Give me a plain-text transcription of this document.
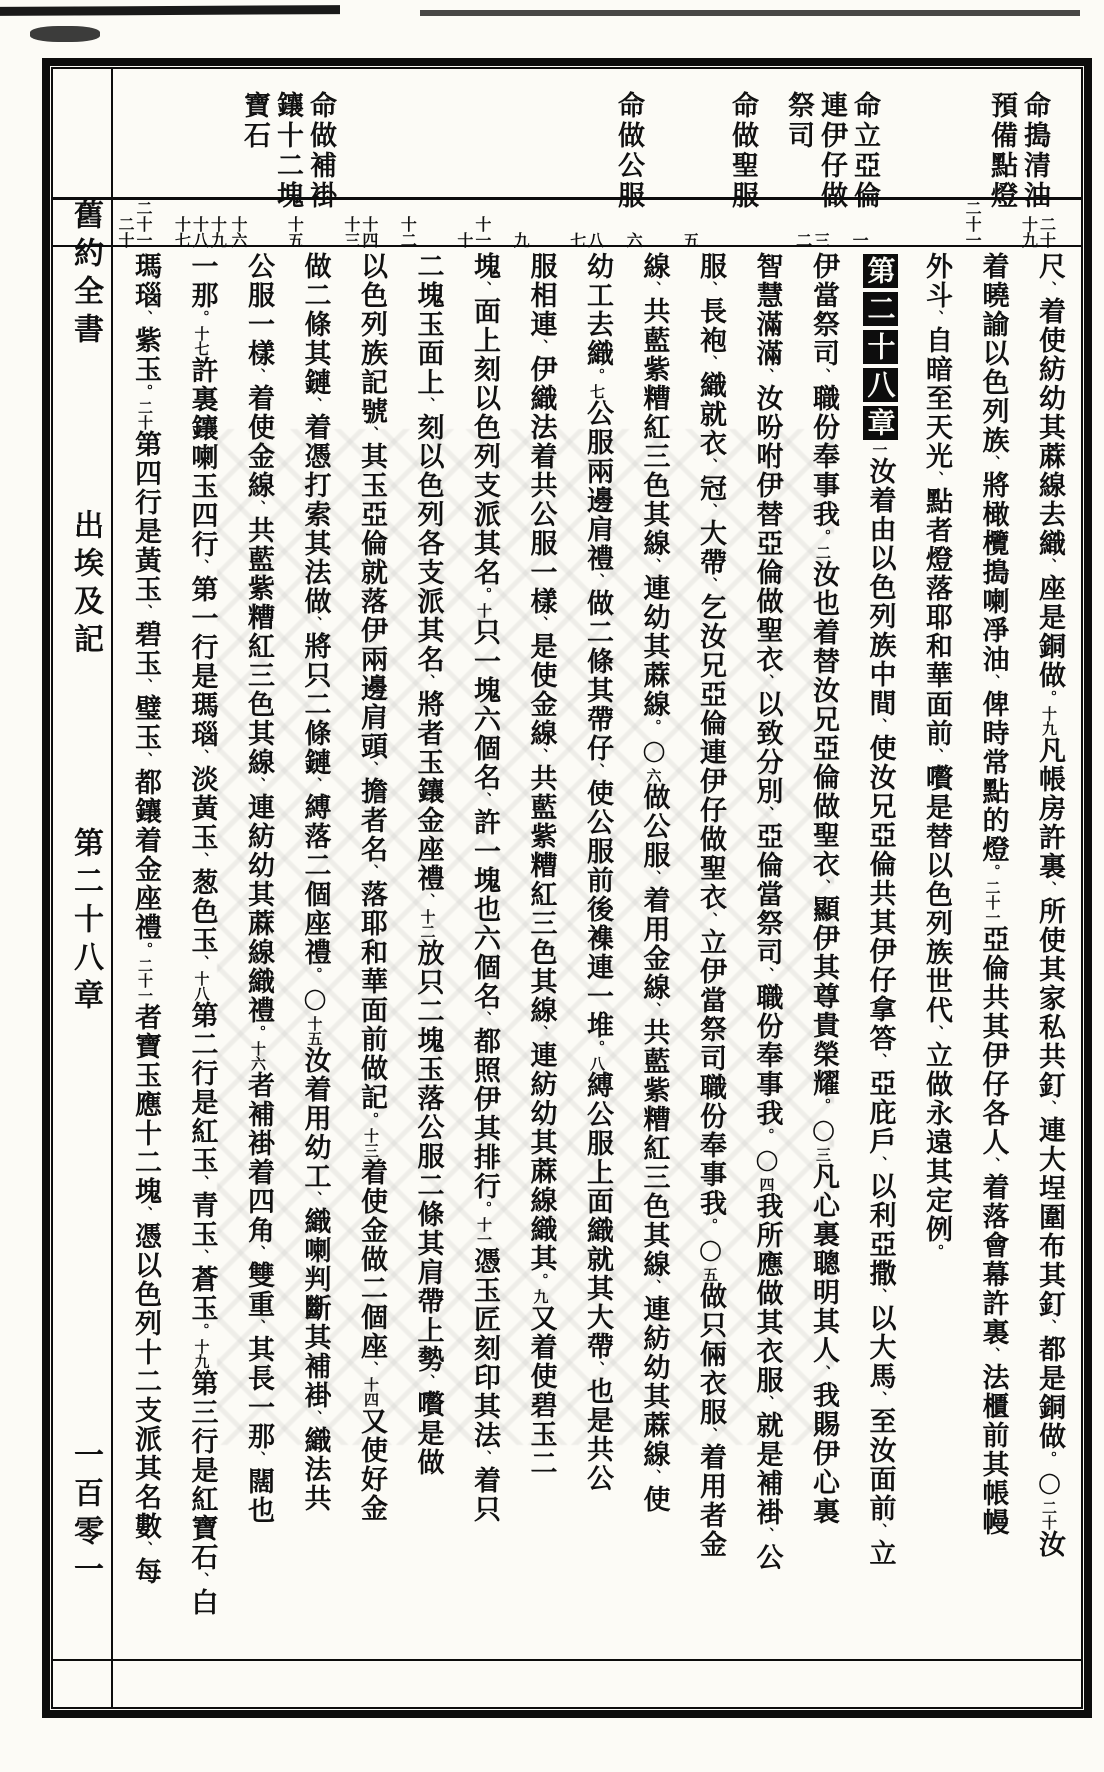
舊約全書
出埃及記
第二十八章
一百零一
命搗清油
預備點燈
命立亞倫
連伊仔做
祭司
命做聖服
命做公服
命做補褂
鑲十二塊
寶石
十九 二十
二十一
一
二 三
五
六
七 八
九
十 十一
十二
十三 十四
十五
十六
十七 十八 十九
二十 二十一
尺、着使紡幼其蔴線去織、座是銅做。十九凡帳房許裏、所使其家私共釘、連大埕圍布其釘、都是銅做。○二十汝
着曉諭以色列族、將橄欖搗喇凈油、俾時常點的燈。二十一亞倫共其伊仔各人、着落會幕許裏、法櫃前其帳幔
外斗、自暗至天光、點者燈落耶和華面前、嚽是替以色列族世代、立做永遠其定例。
第二十八章一汝着由以色列族中間、使汝兄亞倫共其伊仔拿答、亞庇戶、以利亞撒、以大馬、至汝面前、立
伊當祭司、職份奉事我。二汝也着替汝兄亞倫做聖衣、顯伊其尊貴榮耀。○三凡心裏聰明其人、我賜伊心裏
智慧滿滿、汝吩咐伊替亞倫做聖衣、以致分別、亞倫當祭司、職份奉事我。○四我所應做其衣服、就是補褂、公
服、長袍、織就衣、冠、大帶、乞汝兄亞倫連伊仔做聖衣、立伊當祭司職份奉事我。○五做只倆衣服、着用者金
線、共藍紫糟紅三色其線、連幼其蔴線。○六做公服、着用金線、共藍紫糟紅三色其線、連紡幼其蔴線、使
幼工去織。七公服兩邊肩禮、做二條其帶仔、使公服前後襍連一堆。八縛公服上面織就其大帶、也是共公
服相連、伊織法着共公服一樣、是使金線、共藍紫糟紅三色其線、連紡幼其蔴線織其。九又着使碧玉二
塊、面上刻以色列支派其名。十只一塊六個名、許一塊也六個名、都照伊其排行。十一憑玉匠刻印其法、着只
二塊玉面上、刻以色列各支派其名、將者玉鑲金座禮、十二放只二塊玉落公服二條其肩帶上勢、嚽是做
以色列族記號、其玉亞倫就落伊兩邊肩頭、擔者名、落耶和華面前做記。十三着使金做二個座、十四又使好金
做二條其鏈、着憑打索其法做、將只二條鏈、縛落二個座禮。○十五汝着用幼工、織喇判斷其補褂、織法共
公服一樣、着使金線、共藍紫糟紅三色其線、連紡幼其蔴線織禮。十六者補褂着四角、雙重、其長一那、闊也
一那。十七許裏鑲喇玉四行、第一行是瑪瑙、淡黃玉、葱色玉、十八第二行是紅玉、青玉、蒼玉。十九第三行是紅寶石、白
瑪瑙、紫玉。二十第四行是黃玉、碧玉、璧玉、都鑲着金座禮。二十一者寶玉應十二塊、憑以色列十二支派其名數、每
